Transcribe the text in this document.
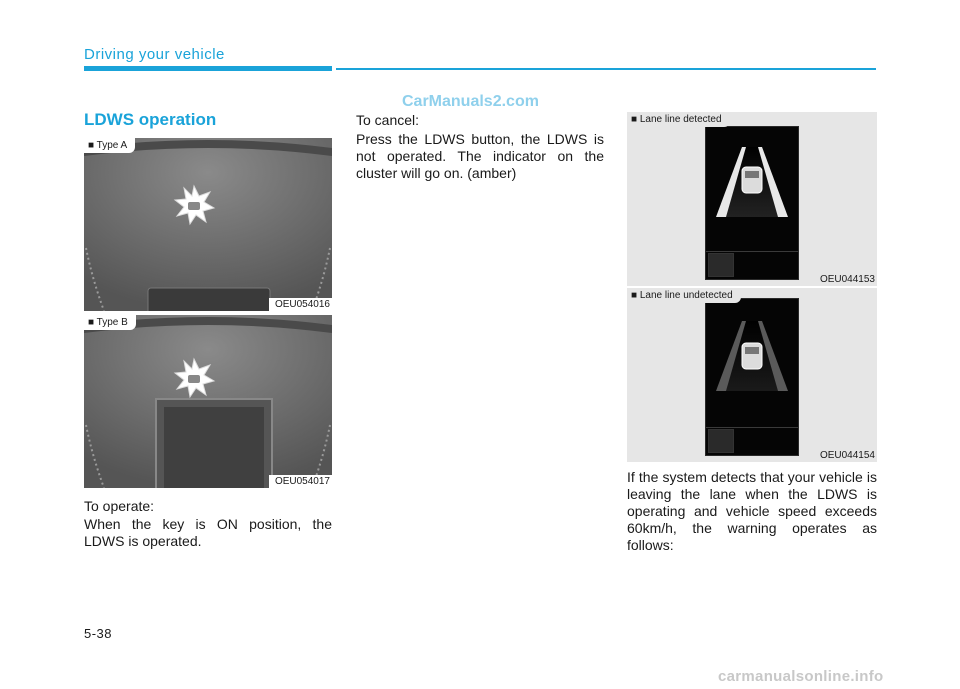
Driving your vehicle

CarManuals2.com

LDWS operation
■ Type A
OEU054016
■ Type B
OEU054017

To operate:

When the key is ON position, the LDWS is operated.

To cancel:

Press the LDWS button, the LDWS is not operated. The indicator on the cluster will go on. (amber)

■ Lane line detected
OEU044153
■ Lane line undetected
OEU044154

If the system detects that your vehicle is leaving the lane when the LDWS is operating and vehicle speed exceeds 60km/h, the warning operates as follows:

5-38

carmanualsonline.info
